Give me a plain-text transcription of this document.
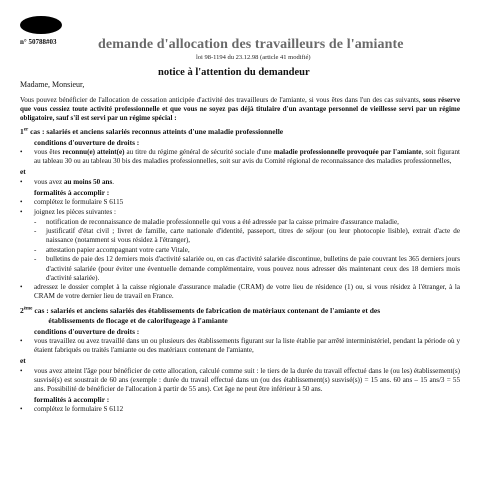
n° 50788#03	demande d'allocation des travailleurs de l'amiante
loi 98-1194 du 23.12.98 (article 41 modifié)
notice à l'attention du demandeur
Madame, Monsieur,

Vous pouvez bénéficier de l'allocation de cessation anticipée d'activité des travailleurs de l'amiante, si vous êtes dans l'un des cas suivants, sous réserve que vous cessiez toute activité professionnelle et que vous ne soyez pas déjà titulaire d'un avantage personnel de vieillesse servi par un régime obligatoire, sauf s'il est servi par un régime spécial :

1er cas : salariés et anciens salariés reconnus atteints d'une maladie professionnelle
conditions d'ouverture de droits :
•	vous êtes reconnu(e) atteint(e) au titre du régime général de sécurité sociale d'une maladie professionnelle provoquée par l'amiante, soit figurant au tableau 30 ou au tableau 30 bis des maladies professionnelles, soit sur avis du Comité régional de reconnaissance des maladies professionnelles,
et
•	vous avez au moins 50 ans.
formalités à accomplir :
•	complétez le formulaire S 6115
•	joignez les pièces suivantes :
-	notification de reconnaissance de maladie professionnelle qui vous a été adressée par la caisse primaire d'assurance maladie,
-	justificatif d'état civil ; livret de famille, carte nationale d'identité, passeport, titres de séjour (ou leur photocopie lisible), extrait d'acte de naissance (notamment si vous résidez à l'étranger),
-	attestation papier accompagnant votre carte Vitale,
-	bulletins de paie des 12 derniers mois d'activité salariée ou, en cas d'activité salariée discontinue, bulletins de paie couvrant les 365 derniers jours d'activité salariée (pour éviter une éventuelle demande complémentaire, vous pouvez nous adresser dès maintenant ceux des 18 derniers mois d'activité salariée).
•	adressez le dossier complet à la caisse régionale d'assurance maladie (CRAM) de votre lieu de résidence (1) ou, si vous résidez à l'étranger, à la CRAM de votre dernier lieu de travail en France.
2ème cas : salariés et anciens salariés des établissements de fabrication de matériaux contenant de l'amiante et des
établissements de flocage et de calorifugeage à l'amiante
conditions d'ouverture de droits :
•	vous travaillez ou avez travaillé dans un ou plusieurs des établissements figurant sur la liste établie par arrêté interministériel, pendant la période où y étaient fabriqués ou traités l'amiante ou des matériaux contenant de l'amiante,
et
•	vous avez atteint l'âge pour bénéficier de cette allocation, calculé comme suit : le tiers de la durée du travail effectué dans le (ou les) établissement(s) susvisé(s) est soustrait de 60 ans (exemple : durée du travail effectué dans un (ou des établissement(s) susvisé(s)) = 15 ans. 60 ans – 15 ans/3 = 55 ans. Possibilité de bénéficier de l'allocation à partir de 55 ans). Cet âge ne peut être inférieur à 50 ans.
formalités à accomplir :
•	complétez le formulaire S 6112
